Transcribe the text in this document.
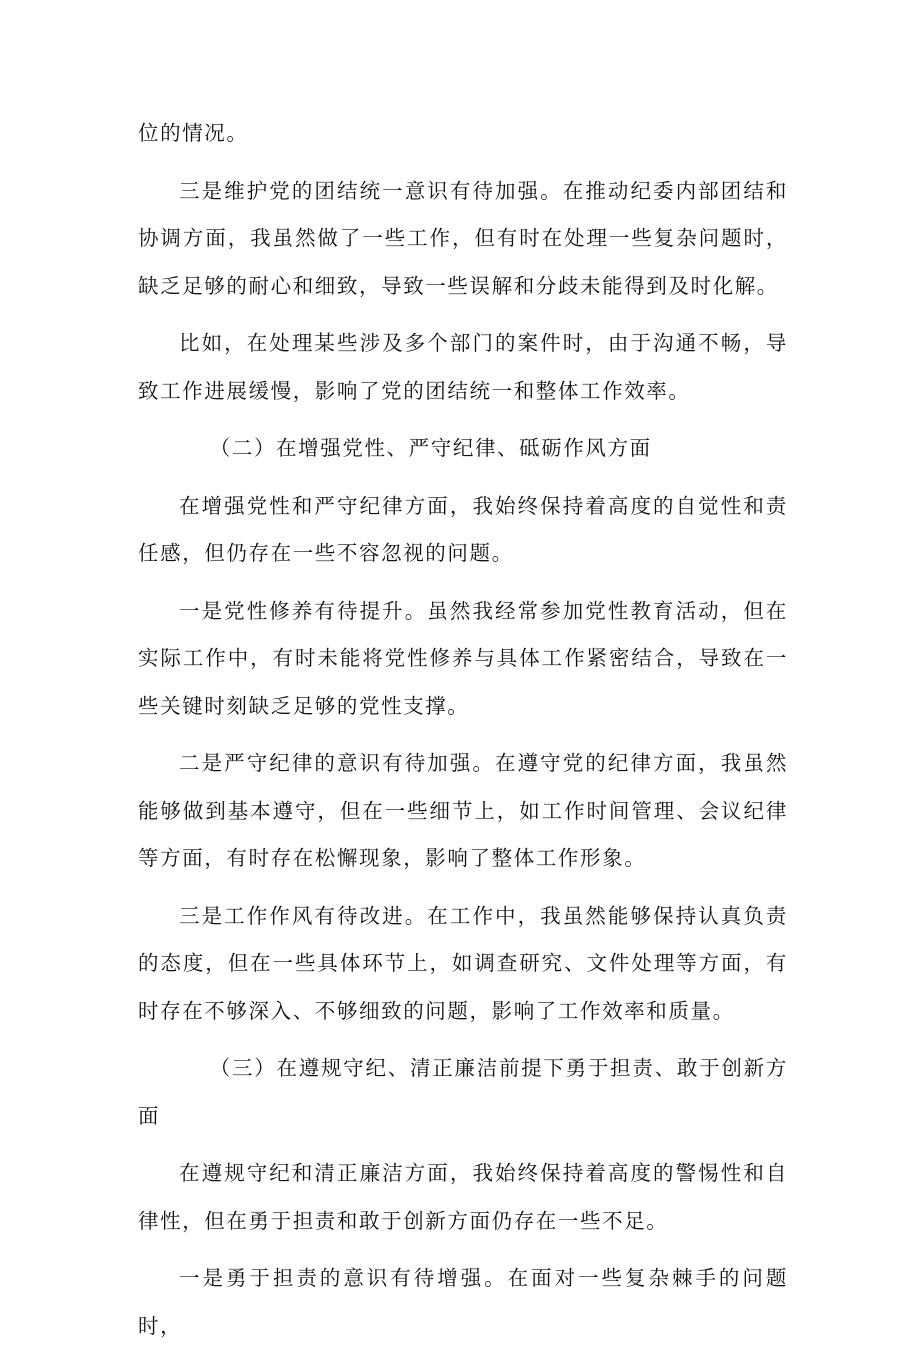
位的情况。

三是维护党的团结统一意识有待加强。在推动纪委内部团结和协调方面，我虽然做了一些工作，但有时在处理一些复杂问题时，缺乏足够的耐心和细致，导致一些误解和分歧未能得到及时化解。

比如，在处理某些涉及多个部门的案件时，由于沟通不畅，导致工作进展缓慢，影响了党的团结统一和整体工作效率。

（二）在增强党性、严守纪律、砥砺作风方面

在增强党性和严守纪律方面，我始终保持着高度的自觉性和责任感，但仍存在一些不容忽视的问题。

一是党性修养有待提升。虽然我经常参加党性教育活动，但在实际工作中，有时未能将党性修养与具体工作紧密结合，导致在一些关键时刻缺乏足够的党性支撑。

二是严守纪律的意识有待加强。在遵守党的纪律方面，我虽然能够做到基本遵守，但在一些细节上，如工作时间管理、会议纪律等方面，有时存在松懈现象，影响了整体工作形象。

三是工作作风有待改进。在工作中，我虽然能够保持认真负责的态度，但在一些具体环节上，如调查研究、文件处理等方面，有时存在不够深入、不够细致的问题，影响了工作效率和质量。

（三）在遵规守纪、清正廉洁前提下勇于担责、敢于创新方面

在遵规守纪和清正廉洁方面，我始终保持着高度的警惕性和自律性，但在勇于担责和敢于创新方面仍存在一些不足。

一是勇于担责的意识有待增强。在面对一些复杂棘手的问题时，
